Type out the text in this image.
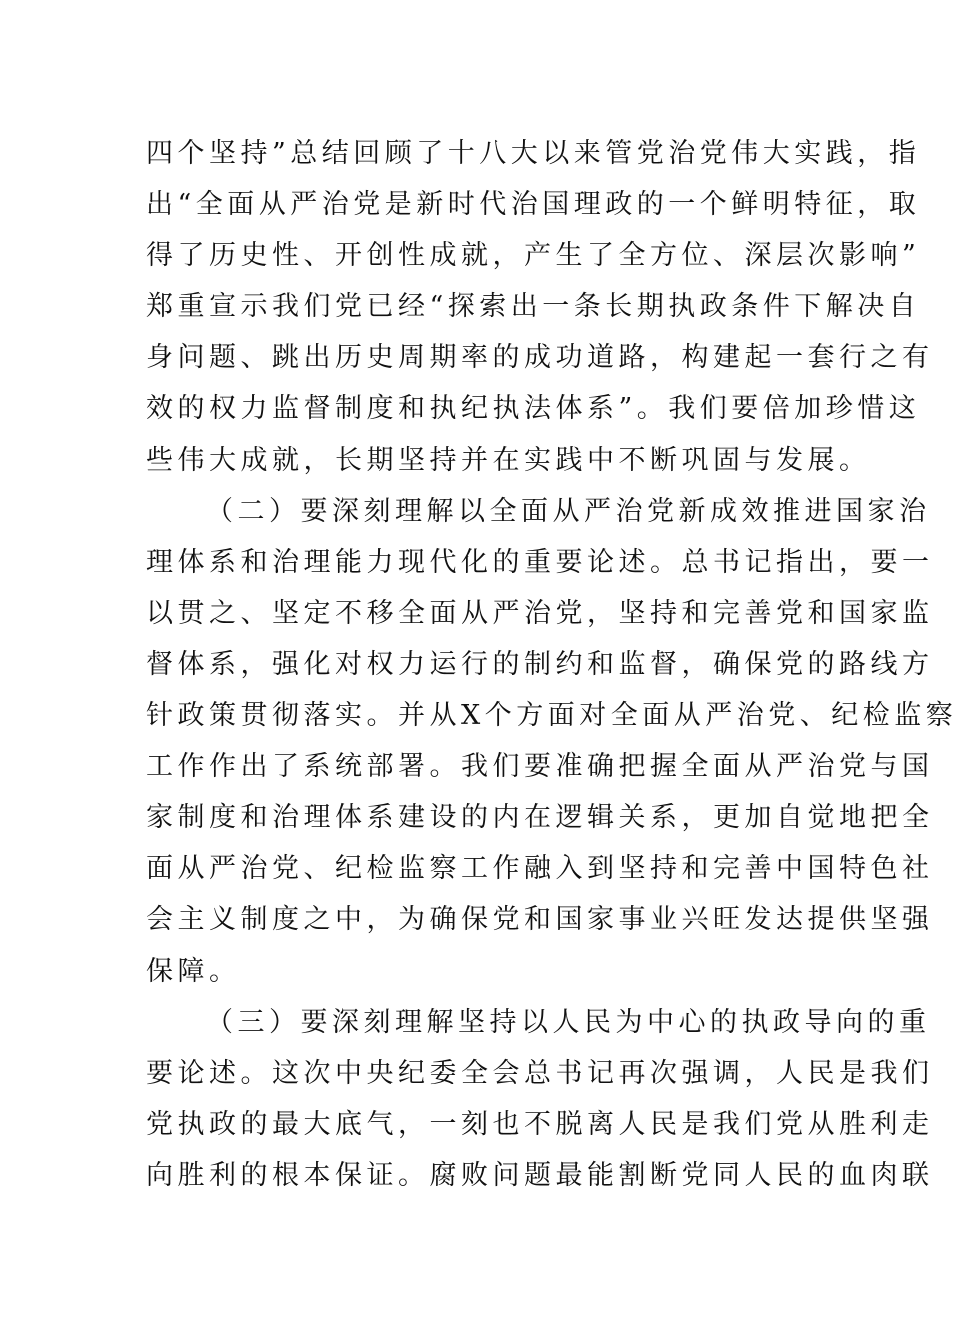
四个坚持”总结回顾了十八大以来管党治党伟大实践，指
出“全面从严治党是新时代治国理政的一个鲜明特征，取
得了历史性、开创性成就，产生了全方位、深层次影响”
郑重宣示我们党已经“探索出一条长期执政条件下解决自
身问题、跳出历史周期率的成功道路，构建起一套行之有
效的权力监督制度和执纪执法体系”。我们要倍加珍惜这
些伟大成就，长期坚持并在实践中不断巩固与发展。
（二）要深刻理解以全面从严治党新成效推进国家治
理体系和治理能力现代化的重要论述。总书记指出，要一
以贯之、坚定不移全面从严治党，坚持和完善党和国家监
督体系，强化对权力运行的制约和监督，确保党的路线方
针政策贯彻落实。并从X个方面对全面从严治党、纪检监察
工作作出了系统部署。我们要准确把握全面从严治党与国
家制度和治理体系建设的内在逻辑关系，更加自觉地把全
面从严治党、纪检监察工作融入到坚持和完善中国特色社
会主义制度之中，为确保党和国家事业兴旺发达提供坚强
保障。
（三）要深刻理解坚持以人民为中心的执政导向的重
要论述。这次中央纪委全会总书记再次强调，人民是我们
党执政的最大底气，一刻也不脱离人民是我们党从胜利走
向胜利的根本保证。腐败问题最能割断党同人民的血肉联
